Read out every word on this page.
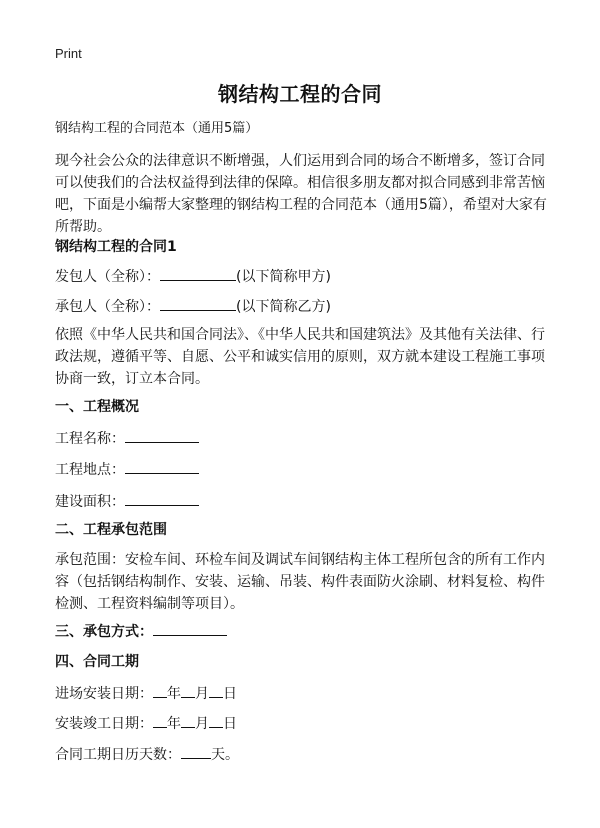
Print
钢结构工程的合同
钢结构工程的合同范本（通用5篇）
现今社会公众的法律意识不断增强，人们运用到合同的场合不断增多，签订合同可以使我们的合法权益得到法律的保障。相信很多朋友都对拟合同感到非常苦恼吧，下面是小编帮大家整理的钢结构工程的合同范本（通用5篇），希望对大家有所帮助。
钢结构工程的合同1
发包人（全称）：	(以下简称甲方)
承包人（全称）：	(以下简称乙方)
依照《中华人民共和国合同法》、《中华人民共和国建筑法》及其他有关法律、行政法规，遵循平等、自愿、公平和诚实信用的原则，双方就本建设工程施工事项协商一致，订立本合同。
一、工程概况
工程名称：
工程地点：
建设面积：
二、工程承包范围
承包范围：安检车间、环检车间及调试车间钢结构主体工程所包含的所有工作内容（包括钢结构制作、安装、运输、吊装、构件表面防火涂刷、材料复检、构件检测、工程资料编制等项目）。
三、承包方式：
四、合同工期
进场安装日期： 年 月 日
安装竣工日期： 年 月 日
合同工期日历天数： 天。
